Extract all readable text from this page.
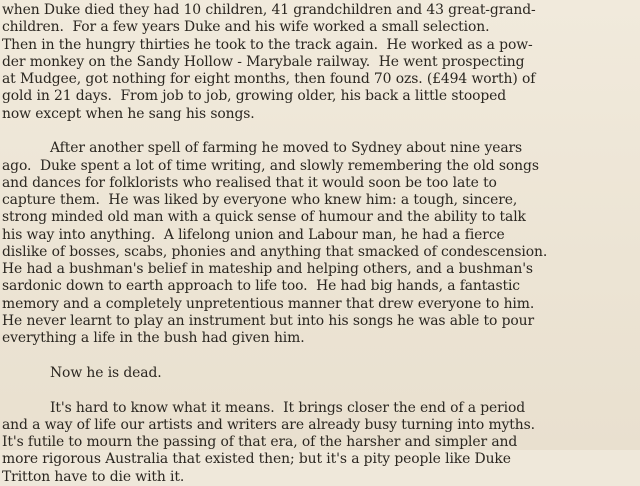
when Duke died they had 10 children, 41 grandchildren and 43 great-grand-
children.  For a few years Duke and his wife worked a small selection.
Then in the hungry thirties he took to the track again.  He worked as a pow-
der monkey on the Sandy Hollow - Marybale railway.  He went prospecting
at Mudgee, got nothing for eight months, then found 70 ozs. (£494 worth) of
gold in 21 days.  From job to job, growing older, his back a little stooped
now except when he sang his songs.
After another spell of farming he moved to Sydney about nine years
ago.  Duke spent a lot of time writing, and slowly remembering the old songs
and dances for folklorists who realised that it would soon be too late to
capture them.  He was liked by everyone who knew him: a tough, sincere,
strong minded old man with a quick sense of humour and the ability to talk
his way into anything.  A lifelong union and Labour man, he had a fierce
dislike of bosses, scabs, phonies and anything that smacked of condescension.
He had a bushman's belief in mateship and helping others, and a bushman's
sardonic down to earth approach to life too.  He had big hands, a fantastic
memory and a completely unpretentious manner that drew everyone to him.
He never learnt to play an instrument but into his songs he was able to pour
everything a life in the bush had given him.
Now he is dead.
It's hard to know what it means.  It brings closer the end of a period
and a way of life our artists and writers are already busy turning into myths.
It's futile to mourn the passing of that era, of the harsher and simpler and
more rigorous Australia that existed then; but it's a pity people like Duke
Tritton have to die with it.
